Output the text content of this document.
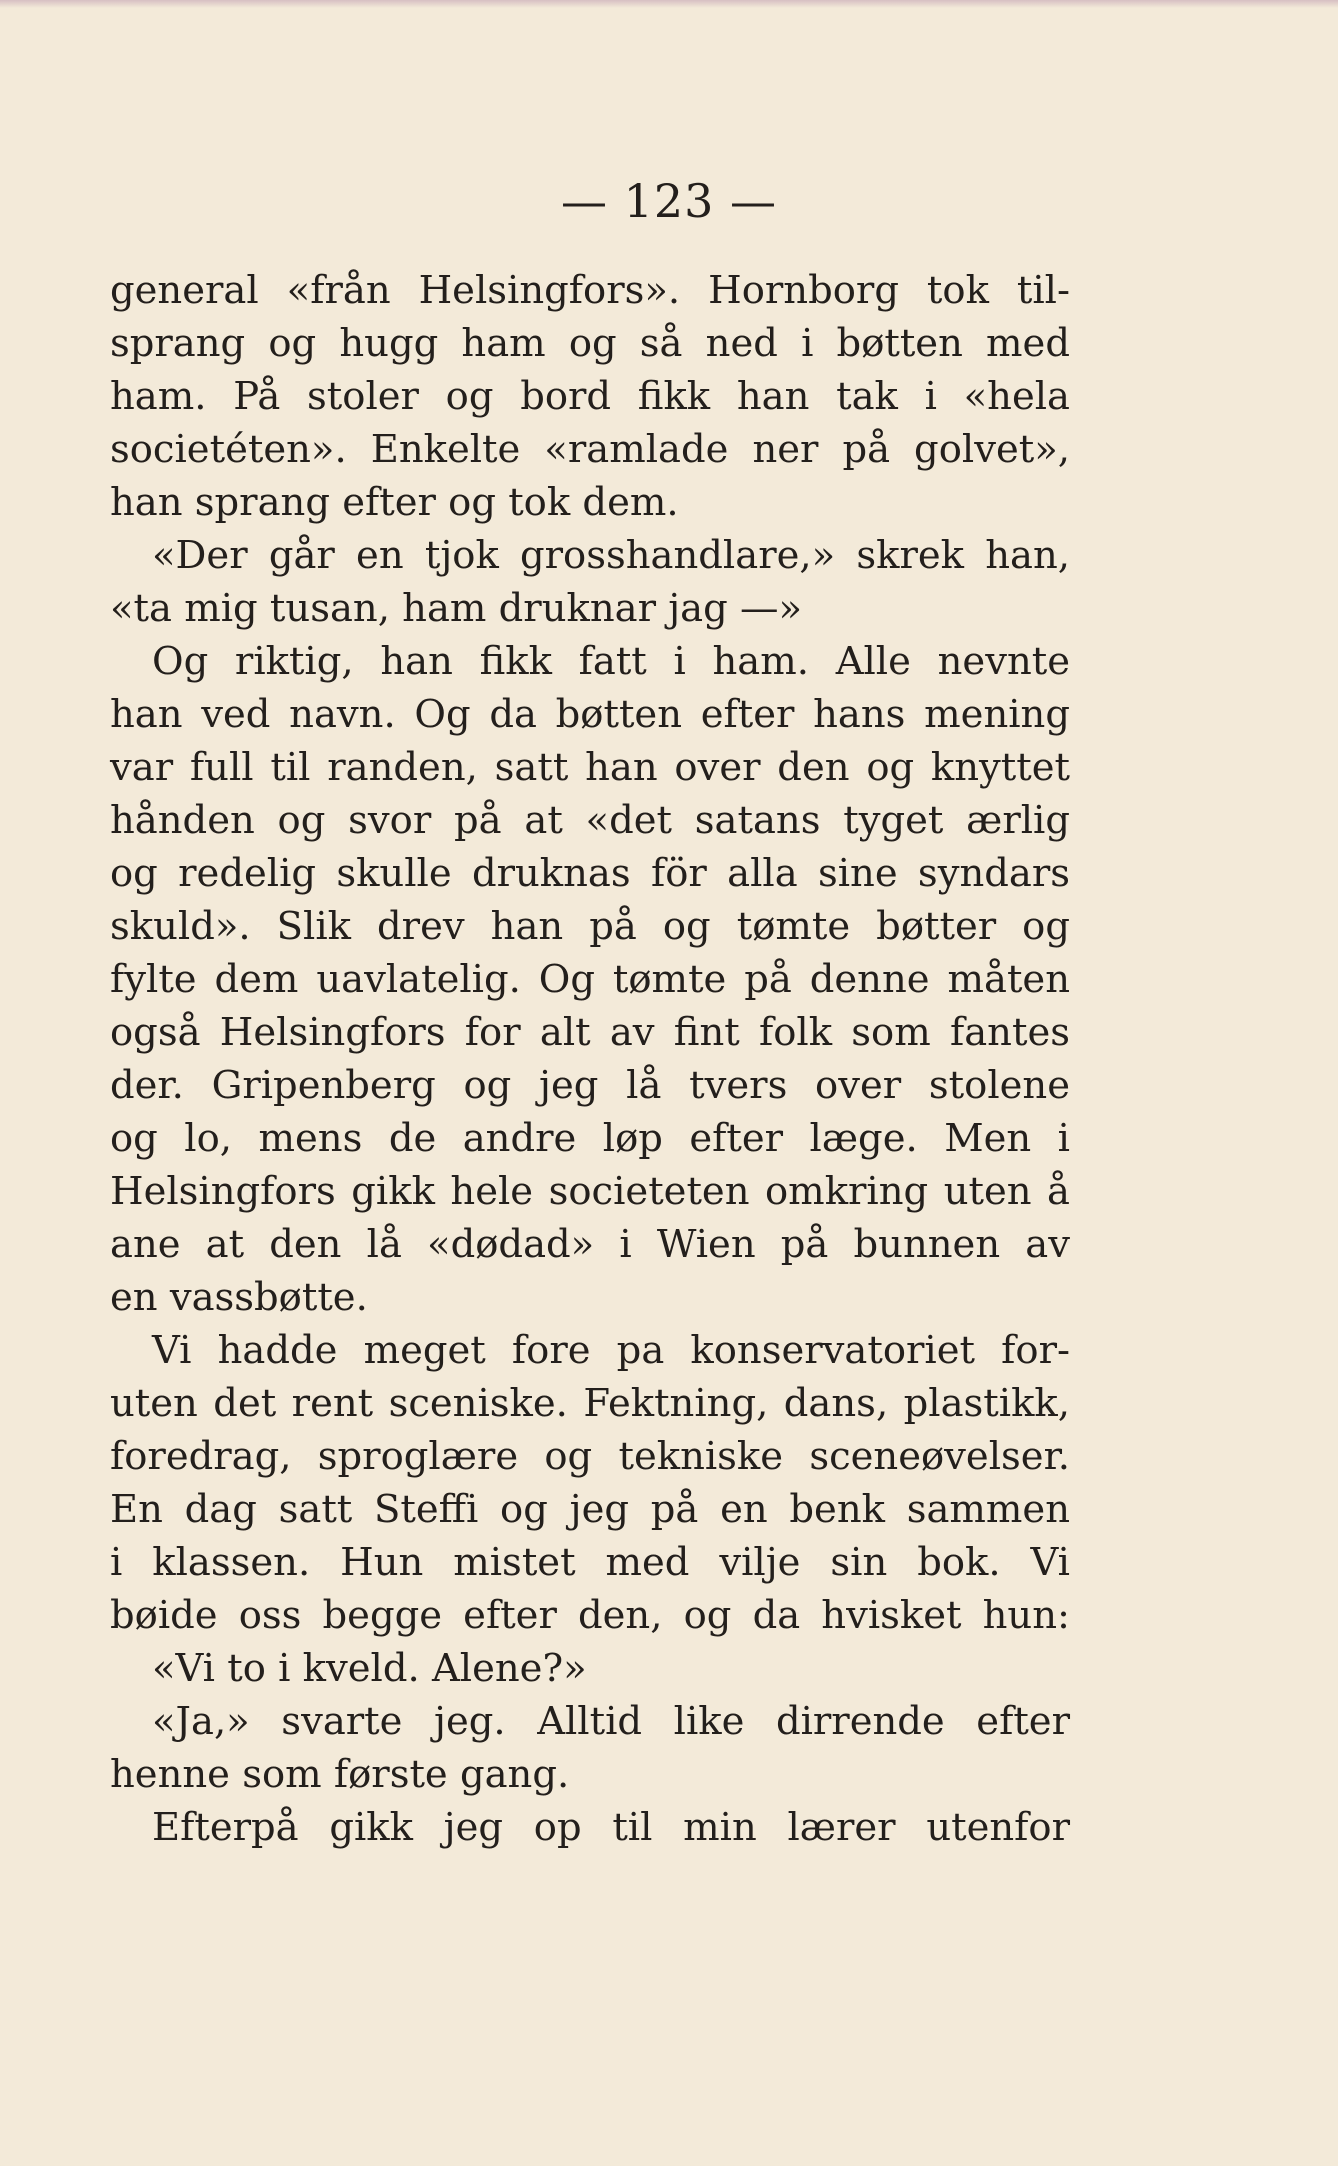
— 123 —
general «från Helsingfors». Hornborg tok til-
sprang og hugg ham og så ned i bøtten med
ham. På stoler og bord fikk han tak i «hela
societéten». Enkelte «ramlade ner på golvet»,
han sprang efter og tok dem.
«Der går en tjok grosshandlare,» skrek han,
«ta mig tusan, ham druknar jag —»
Og riktig, han fikk fatt i ham. Alle nevnte
han ved navn. Og da bøtten efter hans mening
var full til randen, satt han over den og knyttet
hånden og svor på at «det satans tyget ærlig
og redelig skulle druknas för alla sine syndars
skuld». Slik drev han på og tømte bøtter og
fylte dem uavlatelig. Og tømte på denne måten
også Helsingfors for alt av fint folk som fantes
der. Gripenberg og jeg lå tvers over stolene
og lo, mens de andre løp efter læge. Men i
Helsingfors gikk hele societeten omkring uten å
ane at den lå «dødad» i Wien på bunnen av
en vassbøtte.
Vi hadde meget fore pa konservatoriet for-
uten det rent sceniske. Fektning, dans, plastikk,
foredrag, sproglære og tekniske sceneøvelser.
En dag satt Steffi og jeg på en benk sammen
i klassen. Hun mistet med vilje sin bok. Vi
bøide oss begge efter den, og da hvisket hun:
«Vi to i kveld. Alene?»
«Ja,» svarte jeg. Alltid like dirrende efter
henne som første gang.
Efterpå gikk jeg op til min lærer utenfor
